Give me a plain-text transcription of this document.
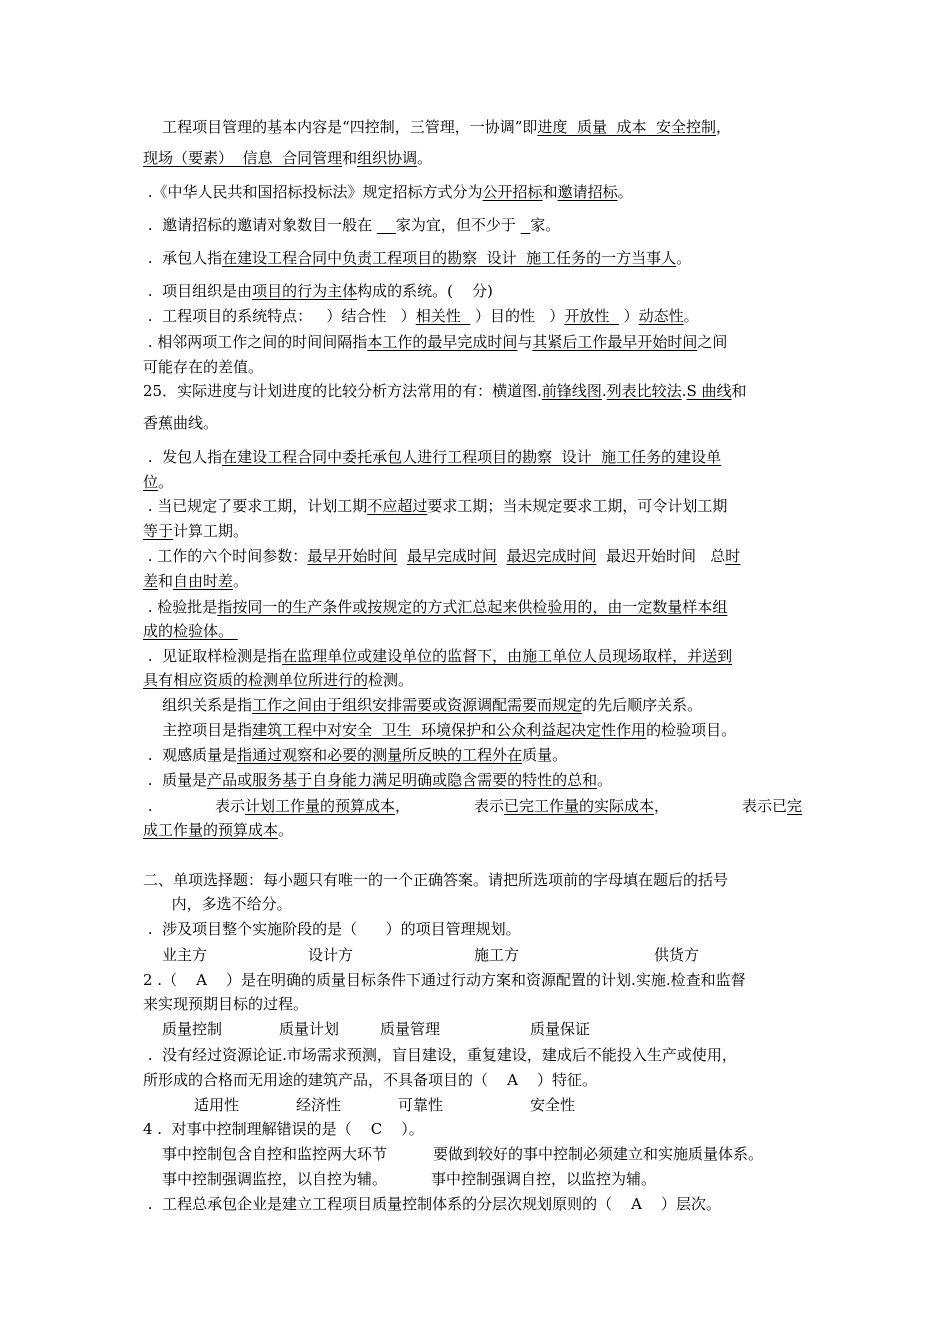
工程项目管理的基本内容是“四控制，三管理，一协调”即进度  质量  成本  安全控制，
现场（要素）  信息  合同管理和组织协调。
.《中华人民共和国招标投标法》规定招标方式分为公开招标和邀请招标。
.  邀请招标的邀请对象数目一般在     家为宜，但不少于   家。
.  承包人指在建设工程合同中负责工程项目的勘察  设计  施工任务的一方当事人。
.  项目组织是由项目的行为主体构成的系统。(    分)
.  工程项目的系统特点：   ）结合性   ）相关性   ）目的性   ）开放性   ）动态性。
. 相邻两项工作之间的时间间隔指本工作的最早完成时间与其紧后工作最早开始时间之间
可能存在的差值。
25．实际进度与计划进度的比较分析方法常用的有：横道图.前锋线图.列表比较法.S 曲线和
香蕉曲线。
.  发包人指在建设工程合同中委托承包人进行工程项目的勘察  设计  施工任务的建设单
位。
. 当已规定了要求工期，计划工期不应超过要求工期；当未规定要求工期，可令计划工期
等于计算工期。
. 工作的六个时间参数：最早开始时间 最早完成时间 最迟完成时间  最迟开始时间   总时
差和自由时差。
. 检验批是指按同一的生产条件或按规定的方式汇总起来供检验用的，由一定数量样本组
成的检验体。
.  见证取样检测是指在监理单位或建设单位的监督下，由施工单位人员现场取样，并送到
具有相应资质的检测单位所进行的检测。
组织关系是指工作之间由于组织安排需要或资源调配需要而规定的先后顺序关系。
主控项目是指建筑工程中对安全  卫生  环境保护和公众利益起决定性作用的检验项目。
.  观感质量是指通过观察和必要的测量所反映的工程外在质量。
.  质量是产品或服务基于自身能力满足明确或隐含需要的特性的总和。
.	表示计划工作量的预算成本，	表示已完工作量的实际成本，	表示已完
成工作量的预算成本。
二、单项选择题：每小题只有唯一的一个正确答案。请把所选项前的字母填在题后的括号
内，多选不给分。
.  涉及项目整个实施阶段的是（      ）的项目管理规划。
业主方	设计方	施工方	供货方
2 .（    A    ）是在明确的质量目标条件下通过行动方案和资源配置的计划.实施.检查和监督
来实现预期目标的过程。
质量控制	质量计划	质量管理	质量保证
.  没有经过资源论证.市场需求预测，盲目建设，重复建设，建成后不能投入生产或使用，
所形成的合格而无用途的建筑产品，不具备项目的（    A    ）特征。
适用性	经济性	可靠性	安全性
4 .  对事中控制理解错误的是（    C    ）。
事中控制包含自控和监控两大环节	要做到较好的事中控制必须建立和实施质量体系。
事中控制强调监控，以自控为辅。	事中控制强调自控，以监控为辅。
.  工程总承包企业是建立工程项目质量控制体系的分层次规划原则的（    A    ）层次。
